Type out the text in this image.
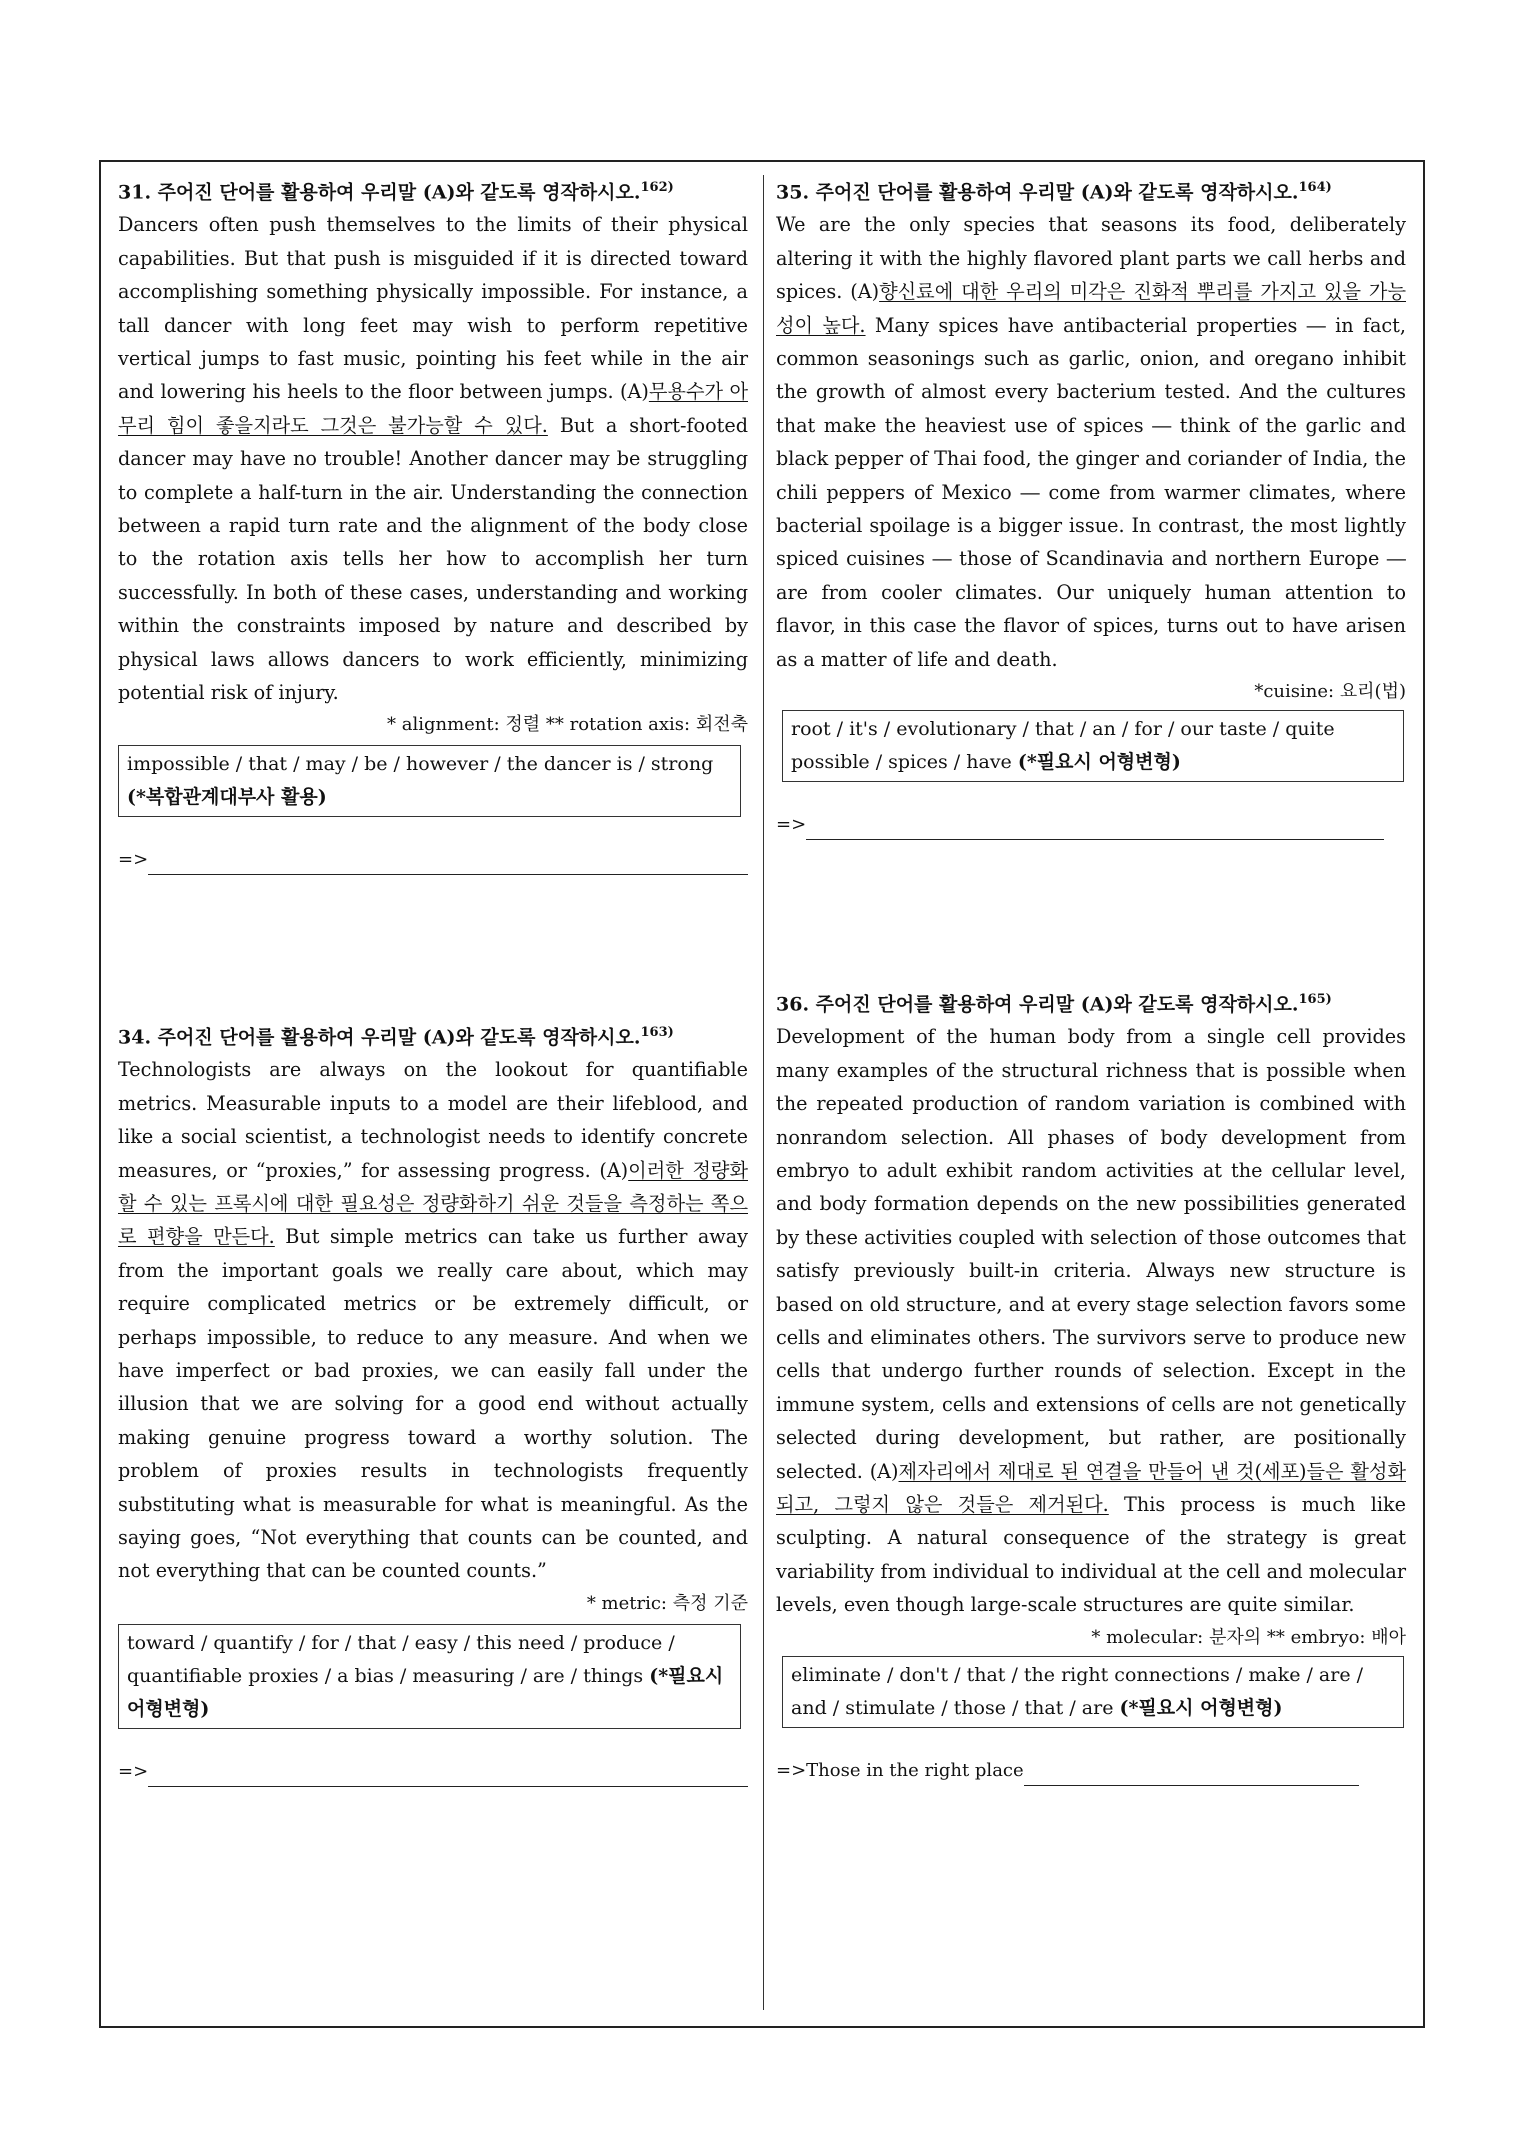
31. 주어진 단어를 활용하여 우리말 (A)와 같도록 영작하시오.$^{162)}$

Dancers often push themselves to the limits of their physical capabilities. But that push is misguided if it is directed toward accomplishing something physically impossible. For instance, a tall dancer with long feet may wish to perform repetitive vertical jumps to fast music, pointing his feet while in the air and lowering his heels to the floor between jumps. (A)무용수가 아무리 힘이 좋을지라도 그것은 불가능할 수 있다. But a short-footed dancer may have no trouble! Another dancer may be struggling to complete a half-turn in the air. Understanding the connection between a rapid turn rate and the alignment of the body close to the rotation axis tells her how to accomplish her turn successfully. In both of these cases, understanding and working within the constraints imposed by nature and described by physical laws allows dancers to work efficiently, minimizing potential risk of injury.

* alignment: 정렬 ** rotation axis: 회전축

impossible / that / may / be / however / the dancer is / strong (*복합관계대부사 활용)
=>

34. 주어진 단어를 활용하여 우리말 (A)와 같도록 영작하시오.$^{163)}$

Technologists are always on the lookout for quantifiable metrics. Measurable inputs to a model are their lifeblood, and like a social scientist, a technologist needs to identify concrete measures, or “proxies,” for assessing progress. (A)이러한 정량화할 수 있는 프록시에 대한 필요성은 정량화하기 쉬운 것들을 측정하는 쪽으로 편향을 만든다. But simple metrics can take us further away from the important goals we really care about, which may require complicated metrics or be extremely difficult, or perhaps impossible, to reduce to any measure. And when we have imperfect or bad proxies, we can easily fall under the illusion that we are solving for a good end without actually making genuine progress toward a worthy solution. The problem of proxies results in technologists frequently substituting what is measurable for what is meaningful. As the saying goes, “Not everything that counts can be counted, and not everything that can be counted counts.”

* metric: 측정 기준

toward / quantify / for / that / easy / this need / produce / quantifiable proxies / a bias / measuring / are / things (*필요시 어형변형)
=>

35. 주어진 단어를 활용하여 우리말 (A)와 같도록 영작하시오.$^{164)}$

We are the only species that seasons its food, deliberately altering it with the highly flavored plant parts we call herbs and spices. (A)향신료에 대한 우리의 미각은 진화적 뿌리를 가지고 있을 가능성이 높다. Many spices have antibacterial properties ― in fact, common seasonings such as garlic, onion, and oregano inhibit the growth of almost every bacterium tested. And the cultures that make the heaviest use of spices ― think of the garlic and black pepper of Thai food, the ginger and coriander of India, the chili peppers of Mexico ― come from warmer climates, where bacterial spoilage is a bigger issue. In contrast, the most lightly spiced cuisines ― those of Scandinavia and northern Europe ― are from cooler climates. Our uniquely human attention to flavor, in this case the flavor of spices, turns out to have arisen as a matter of life and death.

*cuisine: 요리(법)

root / it's / evolutionary / that / an / for / our taste / quite possible / spices / have (*필요시 어형변형)
=>

36. 주어진 단어를 활용하여 우리말 (A)와 같도록 영작하시오.$^{165)}$

Development of the human body from a single cell provides many examples of the structural richness that is possible when the repeated production of random variation is combined with nonrandom selection. All phases of body development from embryo to adult exhibit random activities at the cellular level, and body formation depends on the new possibilities generated by these activities coupled with selection of those outcomes that satisfy previously built-in criteria. Always new structure is based on old structure, and at every stage selection favors some cells and eliminates others. The survivors serve to produce new cells that undergo further rounds of selection. Except in the immune system, cells and extensions of cells are not genetically selected during development, but rather, are positionally selected. (A)제자리에서 제대로 된 연결을 만들어 낸 것(세포)들은 활성화되고, 그렇지 않은 것들은 제거된다. This process is much like sculpting. A natural consequence of the strategy is great variability from individual to individual at the cell and molecular levels, even though large-scale structures are quite similar.

* molecular: 분자의 ** embryo: 배아

eliminate / don't / that / the right connections / make / are / and / stimulate / those / that / are (*필요시 어형변형)
=>Those in the right place
